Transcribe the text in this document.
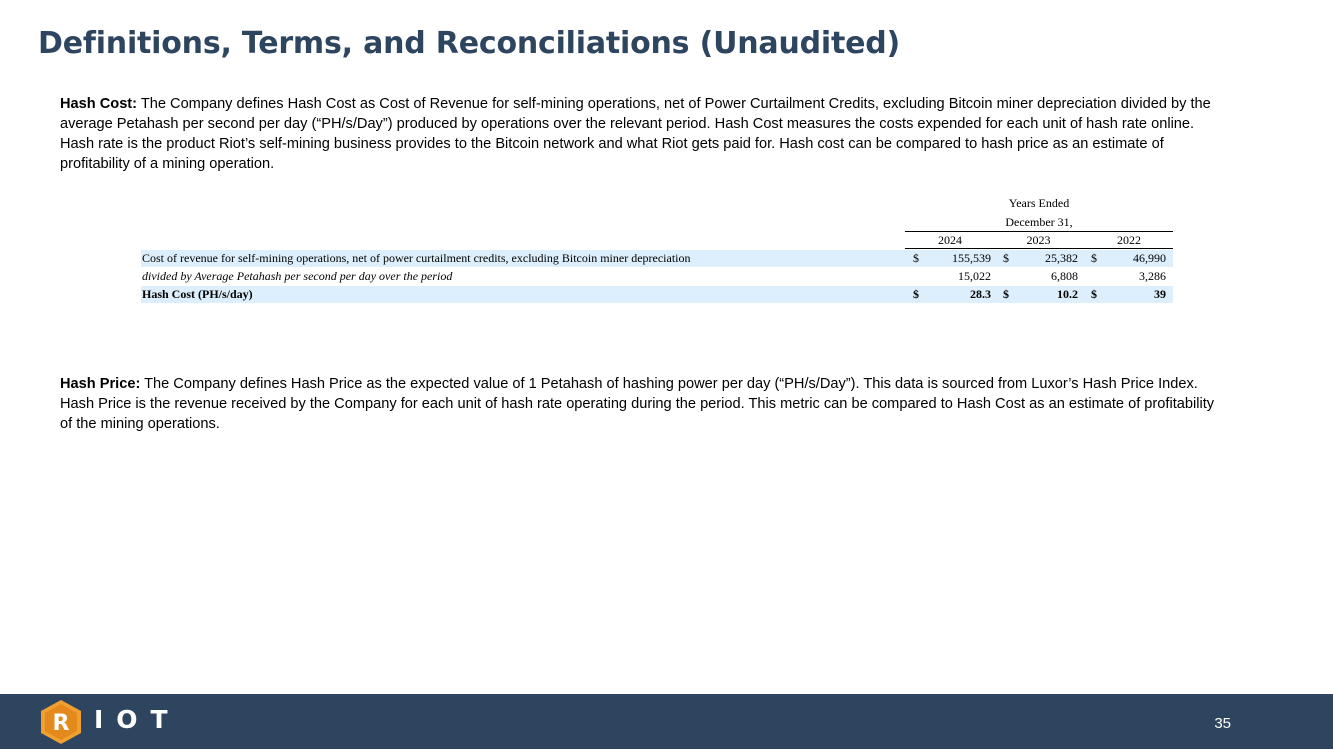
Definitions, Terms, and Reconciliations (Unaudited)
Hash Cost: The Company defines Hash Cost as Cost of Revenue for self-mining operations, net of Power Curtailment Credits, excluding Bitcoin miner depreciation divided by the average Petahash per second per day (“PH/s/Day”) produced by operations over the relevant period. Hash Cost measures the costs expended for each unit of hash rate online. Hash rate is the product Riot’s self-mining business provides to the Bitcoin network and what Riot gets paid for. Hash cost can be compared to hash price as an estimate of profitability of a mining operation.
Years Ended
December 31,
2024	2023	2022
Cost of revenue for self-mining operations, net of power curtailment credits, excluding Bitcoin miner depreciation	$	155,539 $	25,382 $	46,990
divided by Average Petahash per second per day over the period	15,022	6,808	3,286
Hash Cost (PH/s/day)	$	28.3 $	10.2 $	39
Hash Price: The Company defines Hash Price as the expected value of 1 Petahash of hashing power per day (“PH/s/Day”). This data is sourced from Luxor’s Hash Price Index. Hash Price is the revenue received by the Company for each unit of hash rate operating during the period. This metric can be compared to Hash Cost as an estimate of profitability of the mining operations.
R IOT	35
